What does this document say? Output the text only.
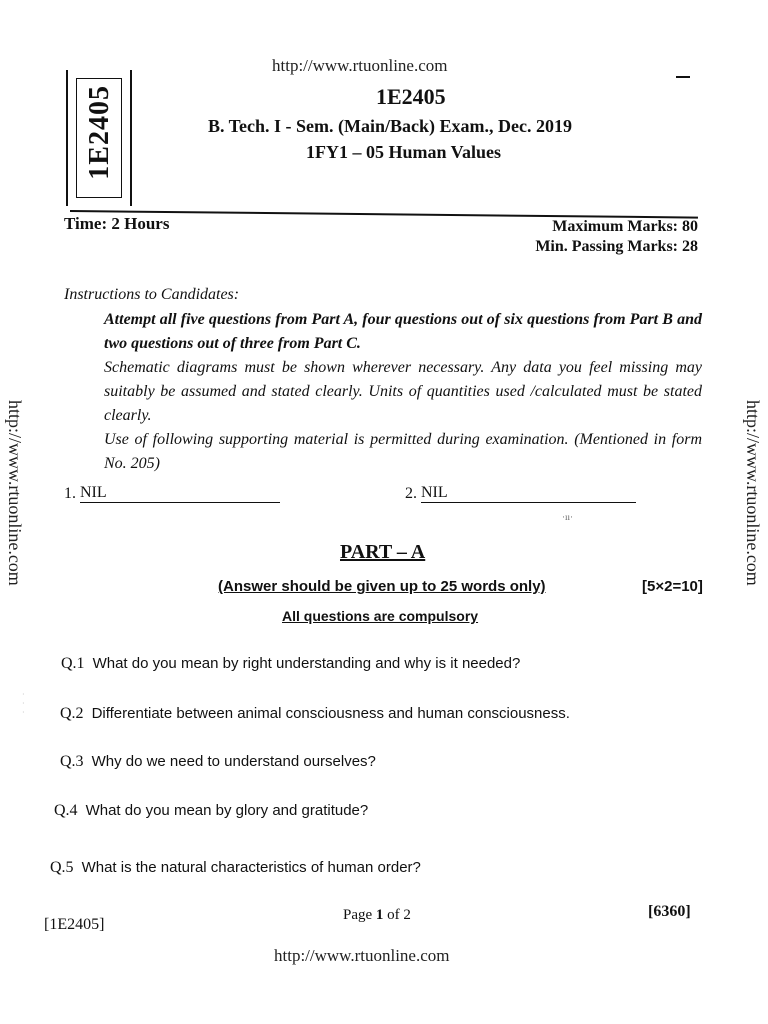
http://www.rtuonline.com
http://www.rtuonline.com	http://www.rtuonline.com
1E2405	1E2405
B. Tech. I - Sem. (Main/Back) Exam., Dec. 2019
1FY1 – 05 Human Values
Time: 2 Hours	Maximum Marks: 80
Min. Passing Marks: 28
Instructions to Candidates:

Attempt all five questions from Part A, four questions out of six questions from Part B and two questions out of three from Part C.

Schematic diagrams must be shown wherever necessary. Any data you feel missing may suitably be assumed and stated clearly. Units of quantities used /calculated must be stated clearly.

Use of following supporting material is permitted during examination. (Mentioned in form No. 205)

1. NIL	2. NIL
·ıı·
PART – A
(Answer should be given up to 25 words only)	[5×2=10]
All questions are compulsory
Q.1 What do you mean by right understanding and why is it needed?
Q.2 Differentiate between animal consciousness and human consciousness.
Q.3 Why do we need to understand ourselves?
Q.4 What do you mean by glory and gratitude?
Q.5 What is the natural characteristics of human order?
· · ·
[1E2405]
Page 1 of 2	[6360]
http://www.rtuonline.com
